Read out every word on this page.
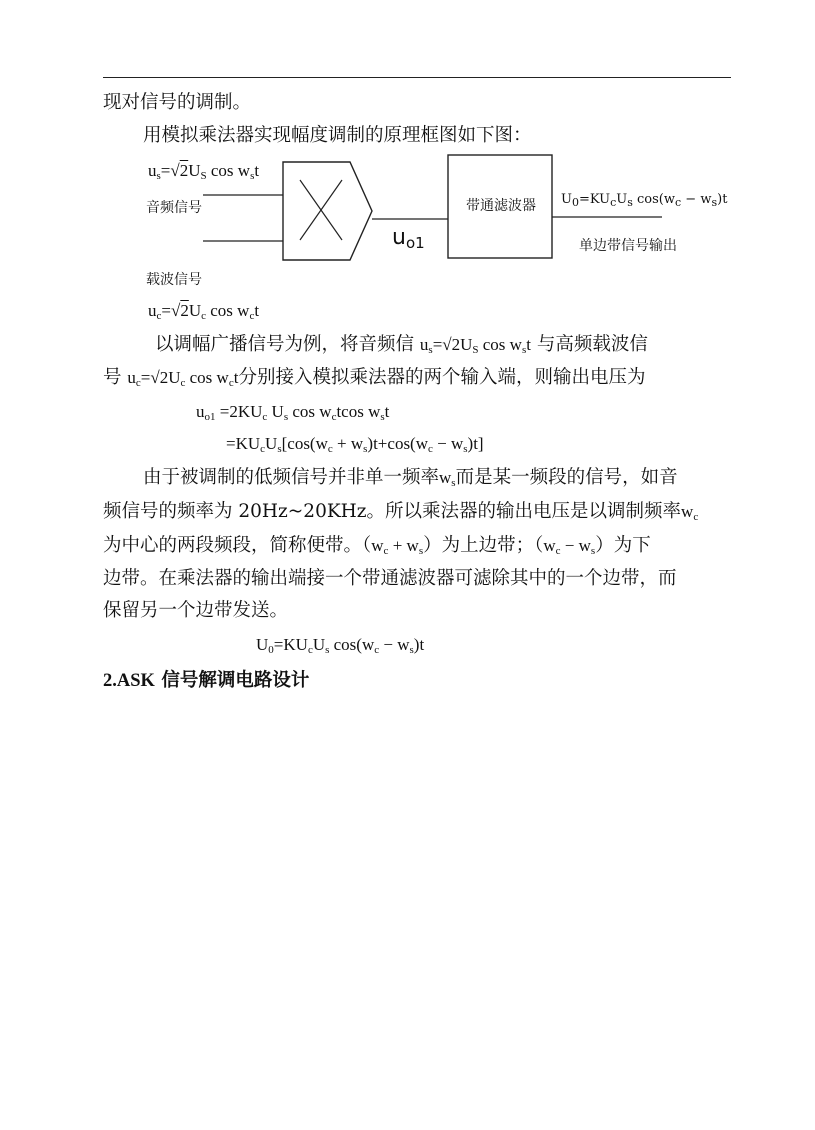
现对信号的调制。
用模拟乘法器实现幅度调制的原理框图如下图：
$u_s=√2U_S$ $\cos w_st$
音频信号	带通滤波器 $U_0=KU_cU_s$ $\cos(w_c - w_s)t$
$u_{o1}$	单边带信号输出
载波信号
$u_c=√2U_c$ $\cos w_ct$
以调幅广播信号为例，将音频信 $u_s=√2U_S$ $\cos w_st$ 与高频载波信
号 $u_c=√2U_c$ $\cos w_ct$分别接入模拟乘法器的两个输入端，则输出电压为
$u_{o1} =2KU_c$ $U_s$ $\cos w_ctcos$ $w_st$
$=KU_cU_s[\cos(w_c + w_s)t+\cos(w_c - w_s)t]$
由于被调制的低频信号并非单一频率$w_s$而是某一频段的信号，如音
频信号的频率为 20Hz~20KHz。所以乘法器的输出电压是以调制频率$w_c$
为中心的两段频段，简称便带。$(w_c + w_s)$为上边带；$(w_c - w_s)$为下
边带。在乘法器的输出端接一个带通滤波器可滤除其中的一个边带，而
保留另一个边带发送。
$U_0=KU_cU_s$ $\cos(w_c - w_s)t$
2.ASK 信号解调电路设计
